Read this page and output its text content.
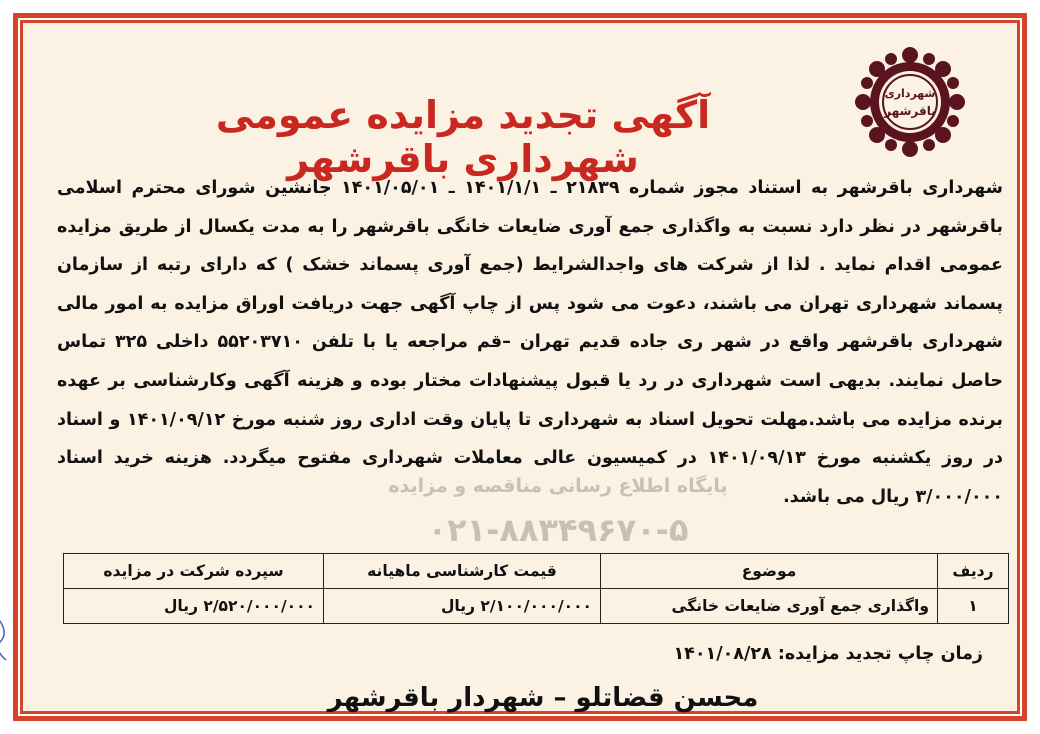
پایگاه اطلاع رسانی مناقصه و مزایده
۰۲۱-۸۸۳۴۹۶۷۰-۵
شهرداری
باقرشهر
آگهی تجدید مزایده عمومی شهرداری باقرشهر

شهرداری باقرشهر به استناد مجوز شماره ۲۱۸۳۹ ـ ۱۴۰۱/۱/۱ ـ ۱۴۰۱/۰۵/۰۱ جانشین شورای محترم اسلامی باقرشهر در نظر دارد نسبت به واگذاری جمع آوری ضایعات خانگی باقرشهر را به مدت یکسال از طریق مزایده عمومی اقدام نماید . لذا از شرکت های واجدالشرایط (جمع آوری پسماند خشک ) که دارای رتبه از سازمان پسماند شهرداری تهران می باشند، دعوت می شود پس از چاپ آگهی جهت دریافت اوراق مزایده به امور مالی شهرداری باقرشهر واقع در شهر ری جاده قدیم تهران –قم مراجعه یا با تلفن ۵۵۲۰۳۷۱۰ داخلی ۳۲۵ تماس حاصل نمایند. بدیهی است شهرداری در رد یا قبول پیشنهادات مختار بوده و هزینه آگهی وکارشناسی بر عهده برنده مزایده می باشد.مهلت تحویل اسناد به شهرداری تا پایان وقت اداری روز شنبه مورخ ۱۴۰۱/۰۹/۱۲ و اسناد در روز یکشنبه مورخ ۱۴۰۱/۰۹/۱۳ در کمیسیون عالی معاملات شهرداری مفتوح میگردد. هزینه خرید اسناد ۳/۰۰۰/۰۰۰ ریال می باشد.

ردیف	موضوع	قیمت کارشناسی ماهیانه	سپرده شرکت در مزایده
۱	واگذاری جمع آوری ضایعات خانگی	۲/۱۰۰/۰۰۰/۰۰۰ ریال	۲/۵۲۰/۰۰۰/۰۰۰ ریال
زمان چاپ تجدید مزایده: ۱۴۰۱/۰۸/۲۸
محسن قضاتلو – شهردار باقرشهر
